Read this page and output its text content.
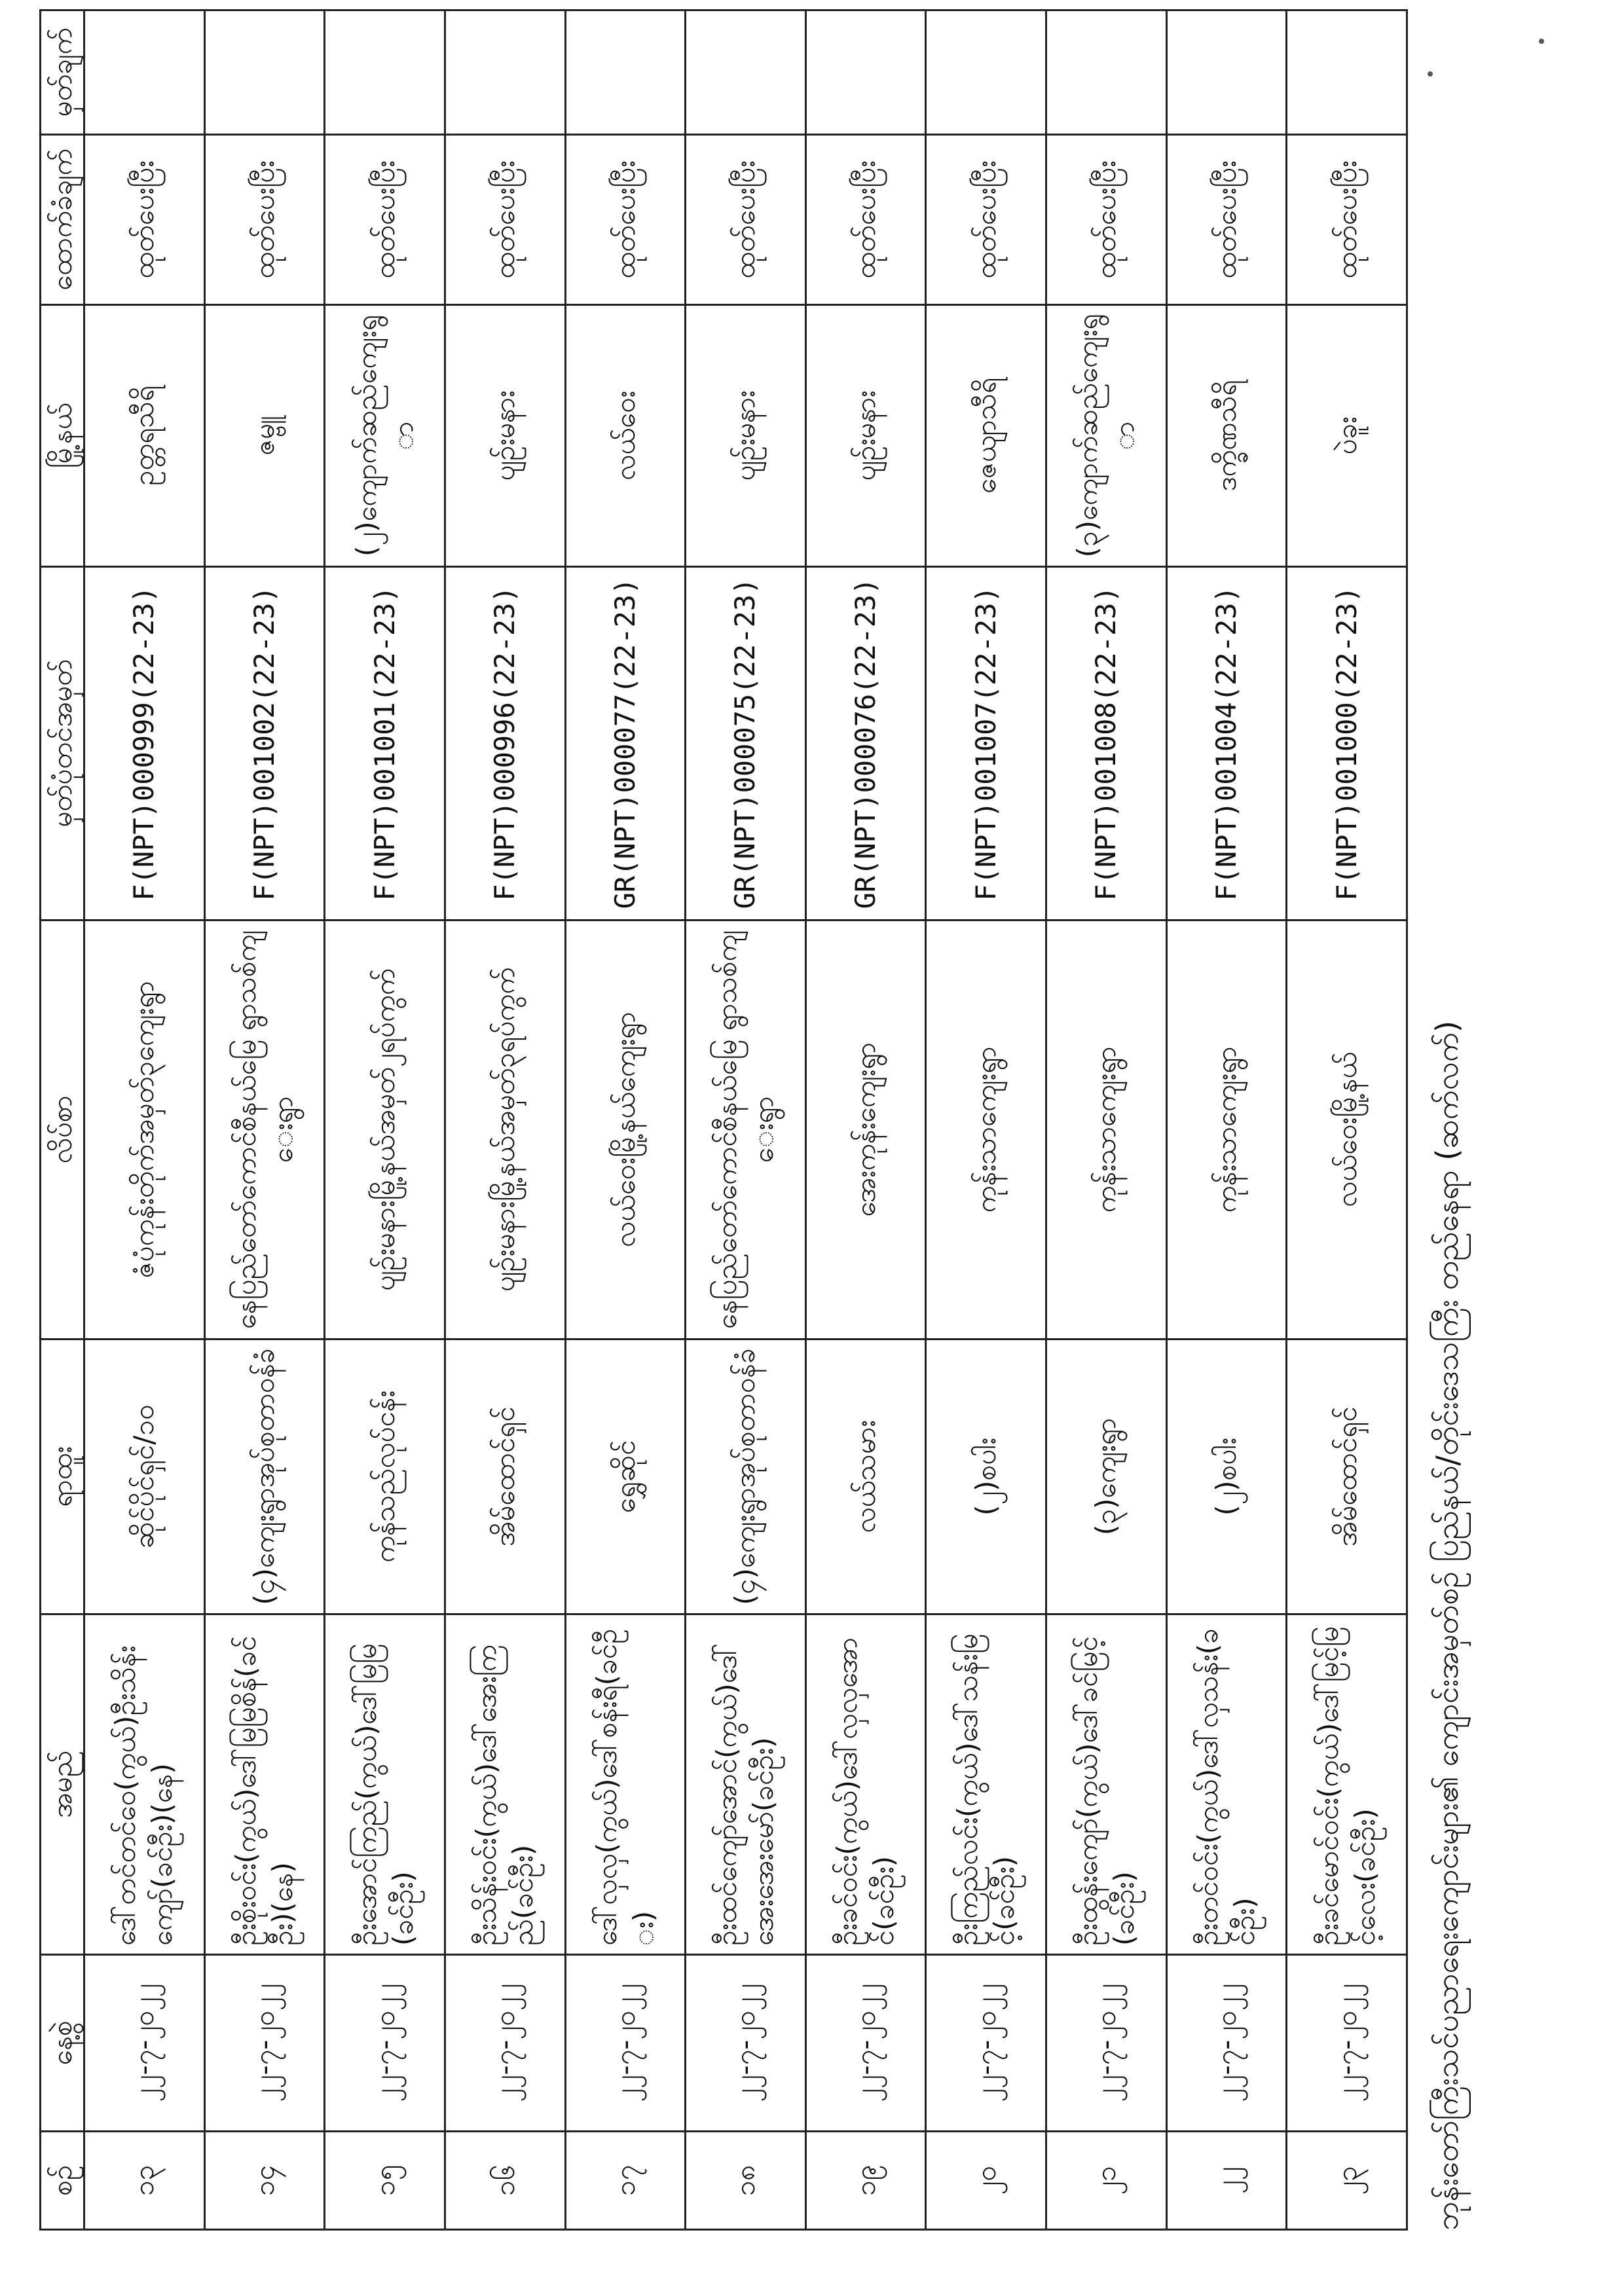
ဘုန်းတော်ကြီးသင်ပညာရေးကျောင်းများ၏ ကျောင်းအမှတ်စဉ် ပြည်နယ်/တိုင်းဒေသကြီး တည်နေရာ (ဆက်လက်)
စဉ်	နေ့စွဲ	အမည်	ရာထူး	လိပ်စာ	မှတ်ပုံတင်အမှတ်	မြို့နယ်	ထောက်ခံချက်	မှတ်ချက်
၁၃	၂၂-၇-၂၀၂၂	ဒေါ်တင်တင်ဝေ(ကွယ်)ဦးသိန်းကျော်(ခင်ဦး)(နေ)	ဆိုင်ပိုင်ရှင်/၁၀	ဇံပုံကုန်းတိုက်အမှတ်၃ကျေးရွာ	F(NPT)000999(22-23)	ဥတ္တရသီရိ	ထုတ်ပေးပြီး	
၁၄	၂၂-၇-၂၀၂၂	ဦးစိုးဝင်း(ကွယ်)ဒေါ်မြမြစိန်(ခင်ဦး)(နေ)	(၄)ကျေးရွာအုပ်စုတာဝန်ခံ	နေပြည်တော်ကောင်စီနယ်မြေ ရွာသစ်ကျေးရွာ	F(NPT)001002(22-23)	ဇမ္ဗူ	ထုတ်ပေးပြီး	
၁၅	၂၂-၇-၂၀၂၂	ဦးအောင်ကြည်(ကွယ်)ဒေါ်မြမြ(ခင်ဦး)	ကုန်သည်လုပ်ငန်း	ပျဉ်းမနားမြို့နယ်အမှတ်၂ရပ်ကွက်	F(NPT)001001(22-23)	(၂)ကျောက်ဆည်ကျေးရွာ	ထုတ်ပေးပြီး	
၁၆	၂၂-၇-၂၀၂၂	ဦးသိန်းဝင်း(ကွယ်)ဒေါ်အေးကြည်(ခင်ဦး)	အိမ်ထောင်ရှင်	ပျဉ်းမနားမြို့နယ်အမှတ်၃ရပ်ကွက်	F(NPT)000996(22-23)	ပျဉ်းမနား	ထုတ်ပေးပြီး	
၁၇	၂၂-၇-၂၀၂၂	ဒေါ်လှလှ(ကွယ်)ဒေါ်စန်းရီ(ခင်ဦး)	ရွှေဆိုင်	လယ်ဝေးမြို့နယ်ကျေးရွာ	GR(NPT)000077(22-23)	လယ်ဝေး	ထုတ်ပေးပြီး	
၁၈	၂၂-၇-၂၀၂၂	ဦးထင်ကျော်အောင်(ကွယ်)ဒေါ်အေးအေးမော်(ခင်ဦး)	(၄)ကျေးရွာအုပ်စုတာဝန်ခံ	နေပြည်တော်ကောင်စီနယ်မြေ ရွာသစ်ကျေးရွာ	GR(NPT)000075(22-23)	ပျဉ်းမနား	ထုတ်ပေးပြီး	
၁၉	၂၂-၇-၂၀၂၂	ဦးခင်ဝင်း(ကွယ်)ဒေါ်လှလှအောင်(ခင်ဦး)	လယ်သမား	အေးကုန်းကျေးရွာ	GR(NPT)000076(22-23)	ပျဉ်းမနား	ထုတ်ပေးပြီး	
၂၀	၂၂-၇-၂၀၂၂	ဦးကြည်လင်း(ကွယ်)ဒေါ်သန်းမြင့်(ခင်ဦး)	(၂)စပါး	ကုန်းသာကျေးရွာ	F(NPT)001007(22-23)	ဇေယျာသီရိ	ထုတ်ပေးပြီး	
၂၁	၂၂-၇-၂၀၂၂	ဦးထွန်းကျော်(ကွယ်)ဒေါ်ခင်မြင့်(ခင်ဦး)	(၃)ကျေးရွာ	ကုန်းသာကျေးရွာ	F(NPT)001008(22-23)	(၃)ကျောက်ဆည်ကျေးရွာ	ထုတ်ပေးပြီး	
၂၂	၂၂-၇-၂၀၂၂	ဦးတင်ဝင်း(ကွယ်)ဒေါ်လှသန်း(ခင်ဦး)	(၂)စပါး	ကုန်းသာကျေးရွာ	F(NPT)001004(22-23)	ဒက္ခိဏသီရိ	ထုတ်ပေးပြီး	
၂၃	၂၂-၇-၂၀၂၂	ဦးခင်မောင်ဝင်း(ကွယ်)ဒေါ်မြင့်မြင့်လေး(ခင်ဦး)	အိမ်ထောင်ရှင်	လယ်ဝေးမြို့နယ်	F(NPT)001000(22-23)	ပဲခူး	ထုတ်ပေးပြီး	
